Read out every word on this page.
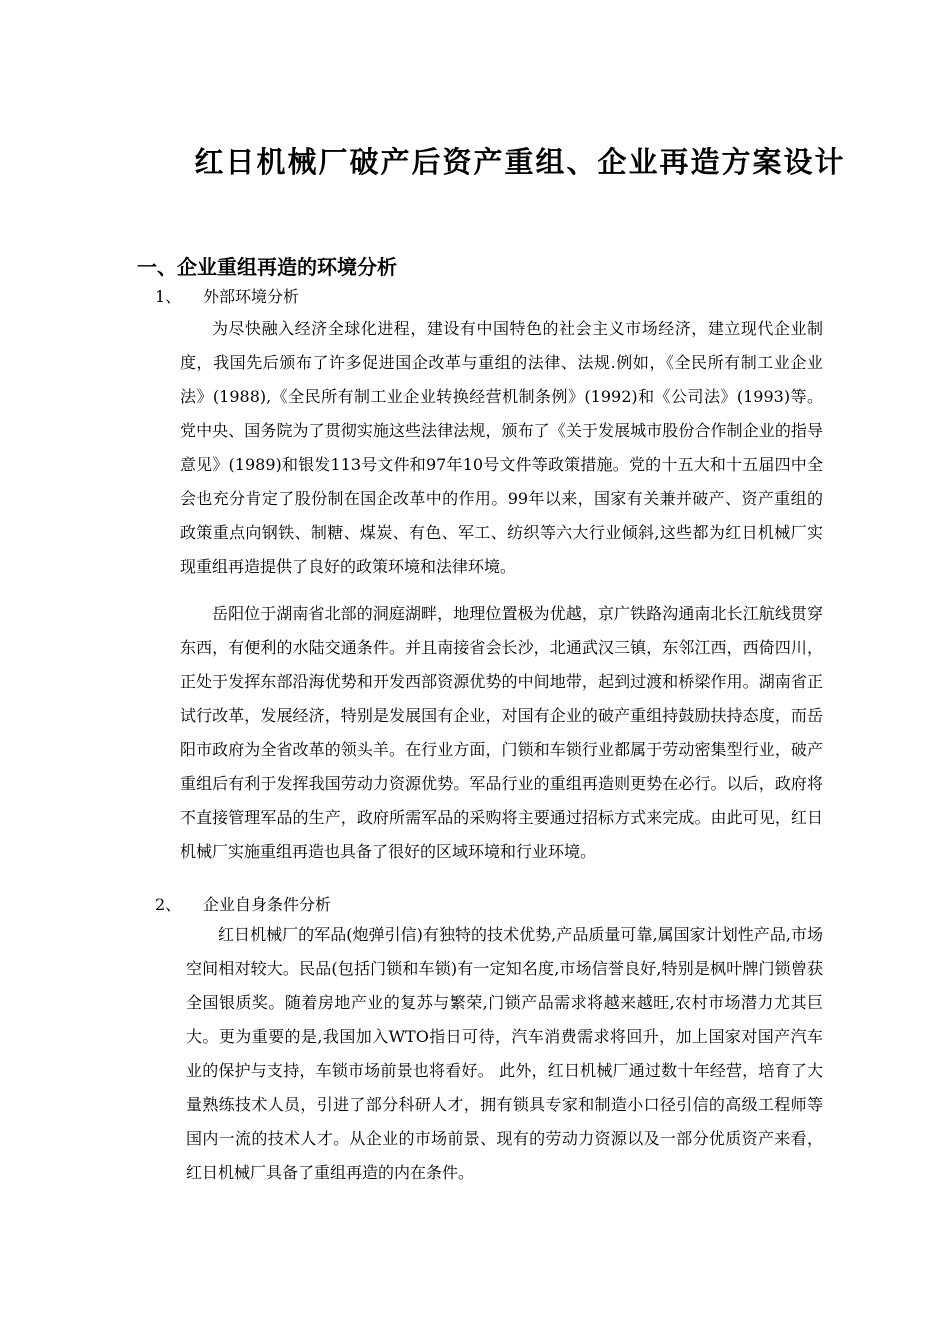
红日机械厂破产后资产重组、企业再造方案设计
一、企业重组再造的环境分析
1、 外部环境分析
为尽快融入经济全球化进程，建设有中国特色的社会主义市场经济，建立现代企业制度，我国先后颁布了许多促进国企改革与重组的法律、法规.例如，《全民所有制工业企业法》(1988),《全民所有制工业企业转换经营机制条例》(1992)和《公司法》(1993)等。 党中央、国务院为了贯彻实施这些法律法规，颁布了《关于发展城市股份合作制企业的指导意见》(1989)和银发113号文件和97年10号文件等政策措施。党的十五大和十五届四中全会也充分肯定了股份制在国企改革中的作用。99年以来，国家有关兼并破产、资产重组的政策重点向钢铁、制糖、煤炭、有色、军工、纺织等六大行业倾斜,这些都为红日机械厂实现重组再造提供了良好的政策环境和法律环境。
岳阳位于湖南省北部的洞庭湖畔，地理位置极为优越，京广铁路沟通南北长江航线贯穿东西，有便利的水陆交通条件。并且南接省会长沙，北通武汉三镇，东邻江西，西倚四川，正处于发挥东部沿海优势和开发西部资源优势的中间地带，起到过渡和桥梁作用。湖南省正试行改革，发展经济，特别是发展国有企业，对国有企业的破产重组持鼓励扶持态度，而岳阳市政府为全省改革的领头羊。在行业方面，门锁和车锁行业都属于劳动密集型行业，破产重组后有利于发挥我国劳动力资源优势。军品行业的重组再造则更势在必行。以后，政府将不直接管理军品的生产，政府所需军品的采购将主要通过招标方式来完成。由此可见，红日机械厂实施重组再造也具备了很好的区域环境和行业环境。
2、 企业自身条件分析
红日机械厂的军品(炮弹引信)有独特的技术优势,产品质量可靠,属国家计划性产品,市场空间相对较大。民品(包括门锁和车锁)有一定知名度,市场信誉良好,特别是枫叶牌门锁曾获全国银质奖。随着房地产业的复苏与繁荣,门锁产品需求将越来越旺,农村市场潜力尤其巨大。更为重要的是,我国加入WTO指日可待，汽车消费需求将回升，加上国家对国产汽车业的保护与支持，车锁市场前景也将看好。 此外，红日机械厂通过数十年经营，培育了大量熟练技术人员，引进了部分科研人才，拥有锁具专家和制造小口径引信的高级工程师等国内一流的技术人才。从企业的市场前景、现有的劳动力资源以及一部分优质资产来看，红日机械厂具备了重组再造的内在条件。
